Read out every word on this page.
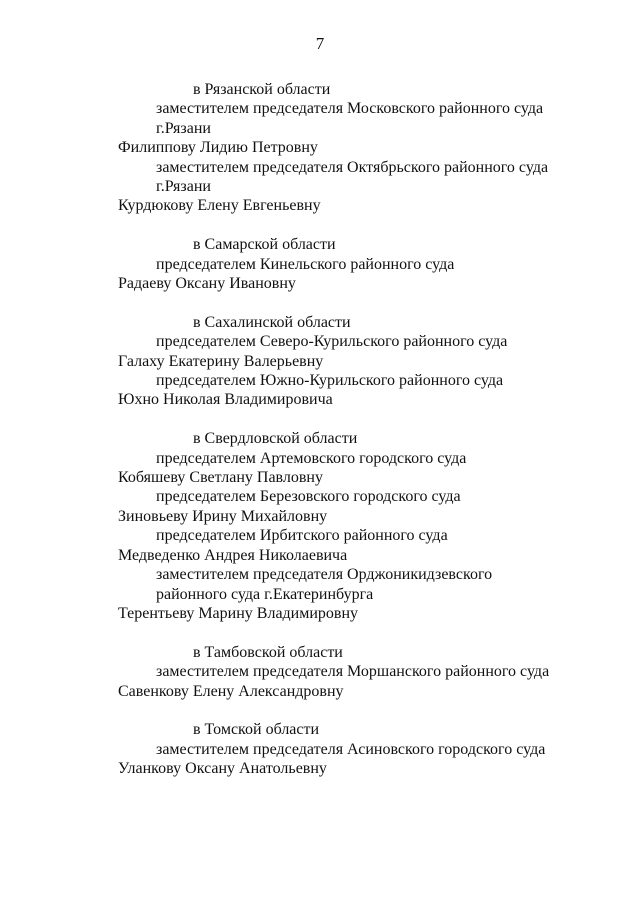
7
в Рязанской области
заместителем председателя Московского районного суда
г.Рязани
Филиппову Лидию Петровну
заместителем председателя Октябрьского районного суда
г.Рязани
Курдюкову Елену Евгеньевну
в Самарской области
председателем Кинельского районного суда
Радаеву Оксану Ивановну
в Сахалинской области
председателем Северо-Курильского районного суда
Галаху Екатерину Валерьевну
председателем Южно-Курильского районного суда
Юхно Николая Владимировича
в Свердловской области
председателем Артемовского городского суда
Кобяшеву Светлану Павловну
председателем Березовского городского суда
Зиновьеву Ирину Михайловну
председателем Ирбитского районного суда
Медведенко Андрея Николаевича
заместителем председателя Орджоникидзевского
районного суда г.Екатеринбурга
Терентьеву Марину Владимировну
в Тамбовской области
заместителем председателя Моршанского районного суда
Савенкову Елену Александровну
в Томской области
заместителем председателя Асиновского городского суда
Уланкову Оксану Анатольевну
